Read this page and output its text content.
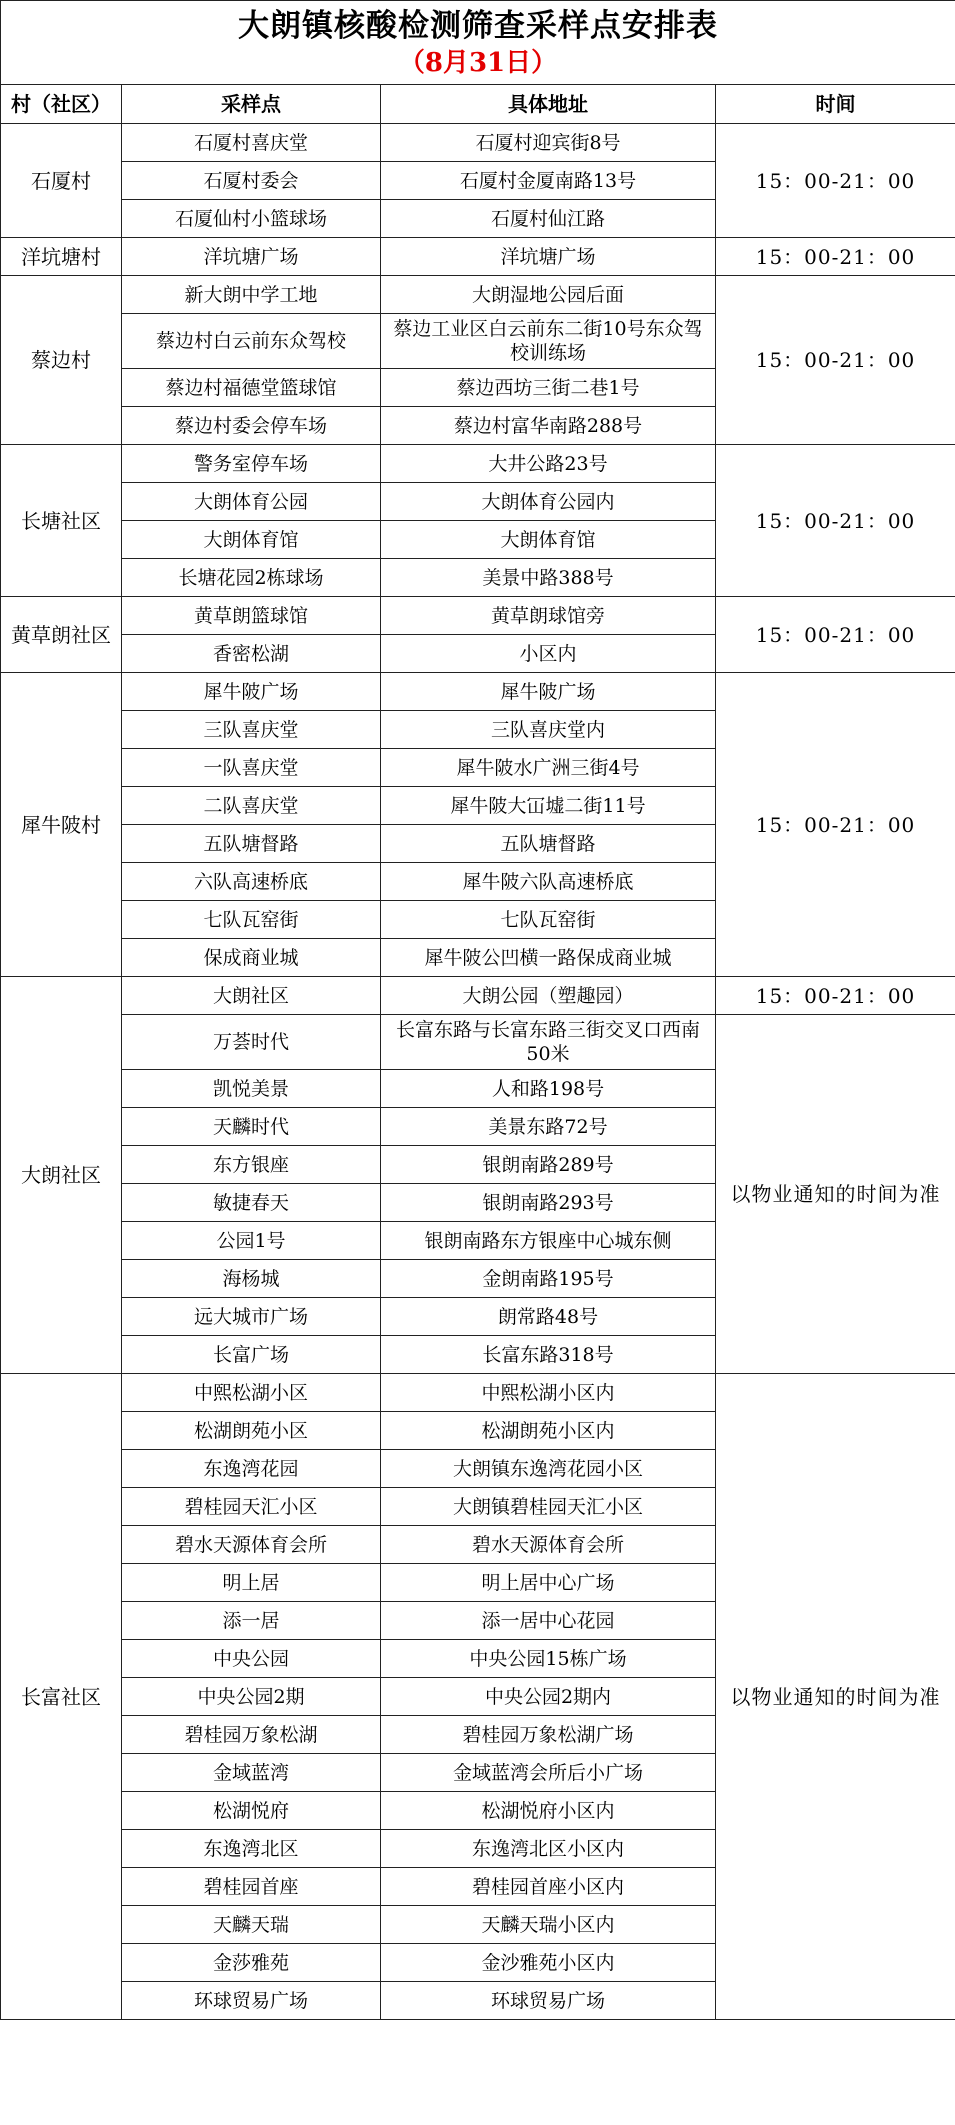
大朗镇核酸检测筛查采样点安排表
（8月31日）			

村（社区）	采样点	具体地址	时间
石厦村	石厦村喜庆堂	石厦村迎宾街8号	15：00-21：00
	石厦村委会	石厦村金厦南路13号	
	石厦仙村小篮球场	石厦村仙江路	
洋坑塘村	洋坑塘广场	洋坑塘广场	15：00-21：00
蔡边村	新大朗中学工地	大朗湿地公园后面	15：00-21：00
	蔡边村白云前东众驾校	蔡边工业区白云前东二街10号东众驾校训练场	
	蔡边村福德堂篮球馆	蔡边西坊三街二巷1号	
	蔡边村委会停车场	蔡边村富华南路288号	
长塘社区	警务室停车场	大井公路23号	15：00-21：00
	大朗体育公园	大朗体育公园内	
	大朗体育馆	大朗体育馆	
	长塘花园2栋球场	美景中路388号	
黄草朗社区	黄草朗篮球馆	黄草朗球馆旁	15：00-21：00
	香密松湖	小区内	
犀牛陂村	犀牛陂广场	犀牛陂广场	15：00-21：00
	三队喜庆堂	三队喜庆堂内	
	一队喜庆堂	犀牛陂水广洲三街4号	
	二队喜庆堂	犀牛陂大冚墟二街11号	
	五队塘督路	五队塘督路	
	六队高速桥底	犀牛陂六队高速桥底	
	七队瓦窑街	七队瓦窑街	
	保成商业城	犀牛陂公凹横一路保成商业城	
大朗社区	大朗社区	大朗公园（塑趣园）	15：00-21：00
	万荟时代	长富东路与长富东路三街交叉口西南50米	以物业通知的时间为准
	凯悦美景	人和路198号	
	天麟时代	美景东路72号	
	东方银座	银朗南路289号	
	敏捷春天	银朗南路293号	
	公园1号	银朗南路东方银座中心城东侧	
	海杨城	金朗南路195号	
	远大城市广场	朗常路48号	
	长富广场	长富东路318号	
长富社区	中熙松湖小区	中熙松湖小区内	以物业通知的时间为准
	松湖朗苑小区	松湖朗苑小区内	
	东逸湾花园	大朗镇东逸湾花园小区	
	碧桂园天汇小区	大朗镇碧桂园天汇小区	
	碧水天源体育会所	碧水天源体育会所	
	明上居	明上居中心广场	
	添一居	添一居中心花园	
	中央公园	中央公园15栋广场	
	中央公园2期	中央公园2期内	
	碧桂园万象松湖	碧桂园万象松湖广场	
	金域蓝湾	金域蓝湾会所后小广场	
	松湖悦府	松湖悦府小区内	
	东逸湾北区	东逸湾北区小区内	
	碧桂园首座	碧桂园首座小区内	
	天麟天瑞	天麟天瑞小区内	
	金莎雅苑	金沙雅苑小区内	
	环球贸易广场	环球贸易广场	
